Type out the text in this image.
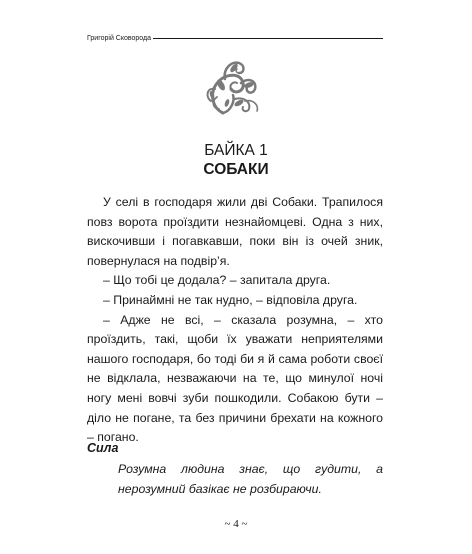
Григорій Сковорода
БАЙКА 1
СОБАКИ

У селі в господаря жили дві Собаки. Трапилося повз ворота проїздити незнайомцеві. Одна з них, вискочивши і погавкавши, поки він із очей зник, повернулася на подвір’я.

– Що тобі це додала? – запитала друга.

– Принаймні не так нудно, – відповіла друга.

– Адже не всі, – сказала розумна, – хто проїздить, такі, щоби їх уважати неприятелями нашого господаря, бо тоді би я й сама роботи своєї не відклала, незважаючи на те, що минулої ночі ногу мені вовчі зуби пошкодили. Собакою бути – діло не погане, та без причини брехати на кожного – погано.

Сила
Розумна людина знає, що гудити, а нерозумний базікає не розбираючи.
~ 4 ~
